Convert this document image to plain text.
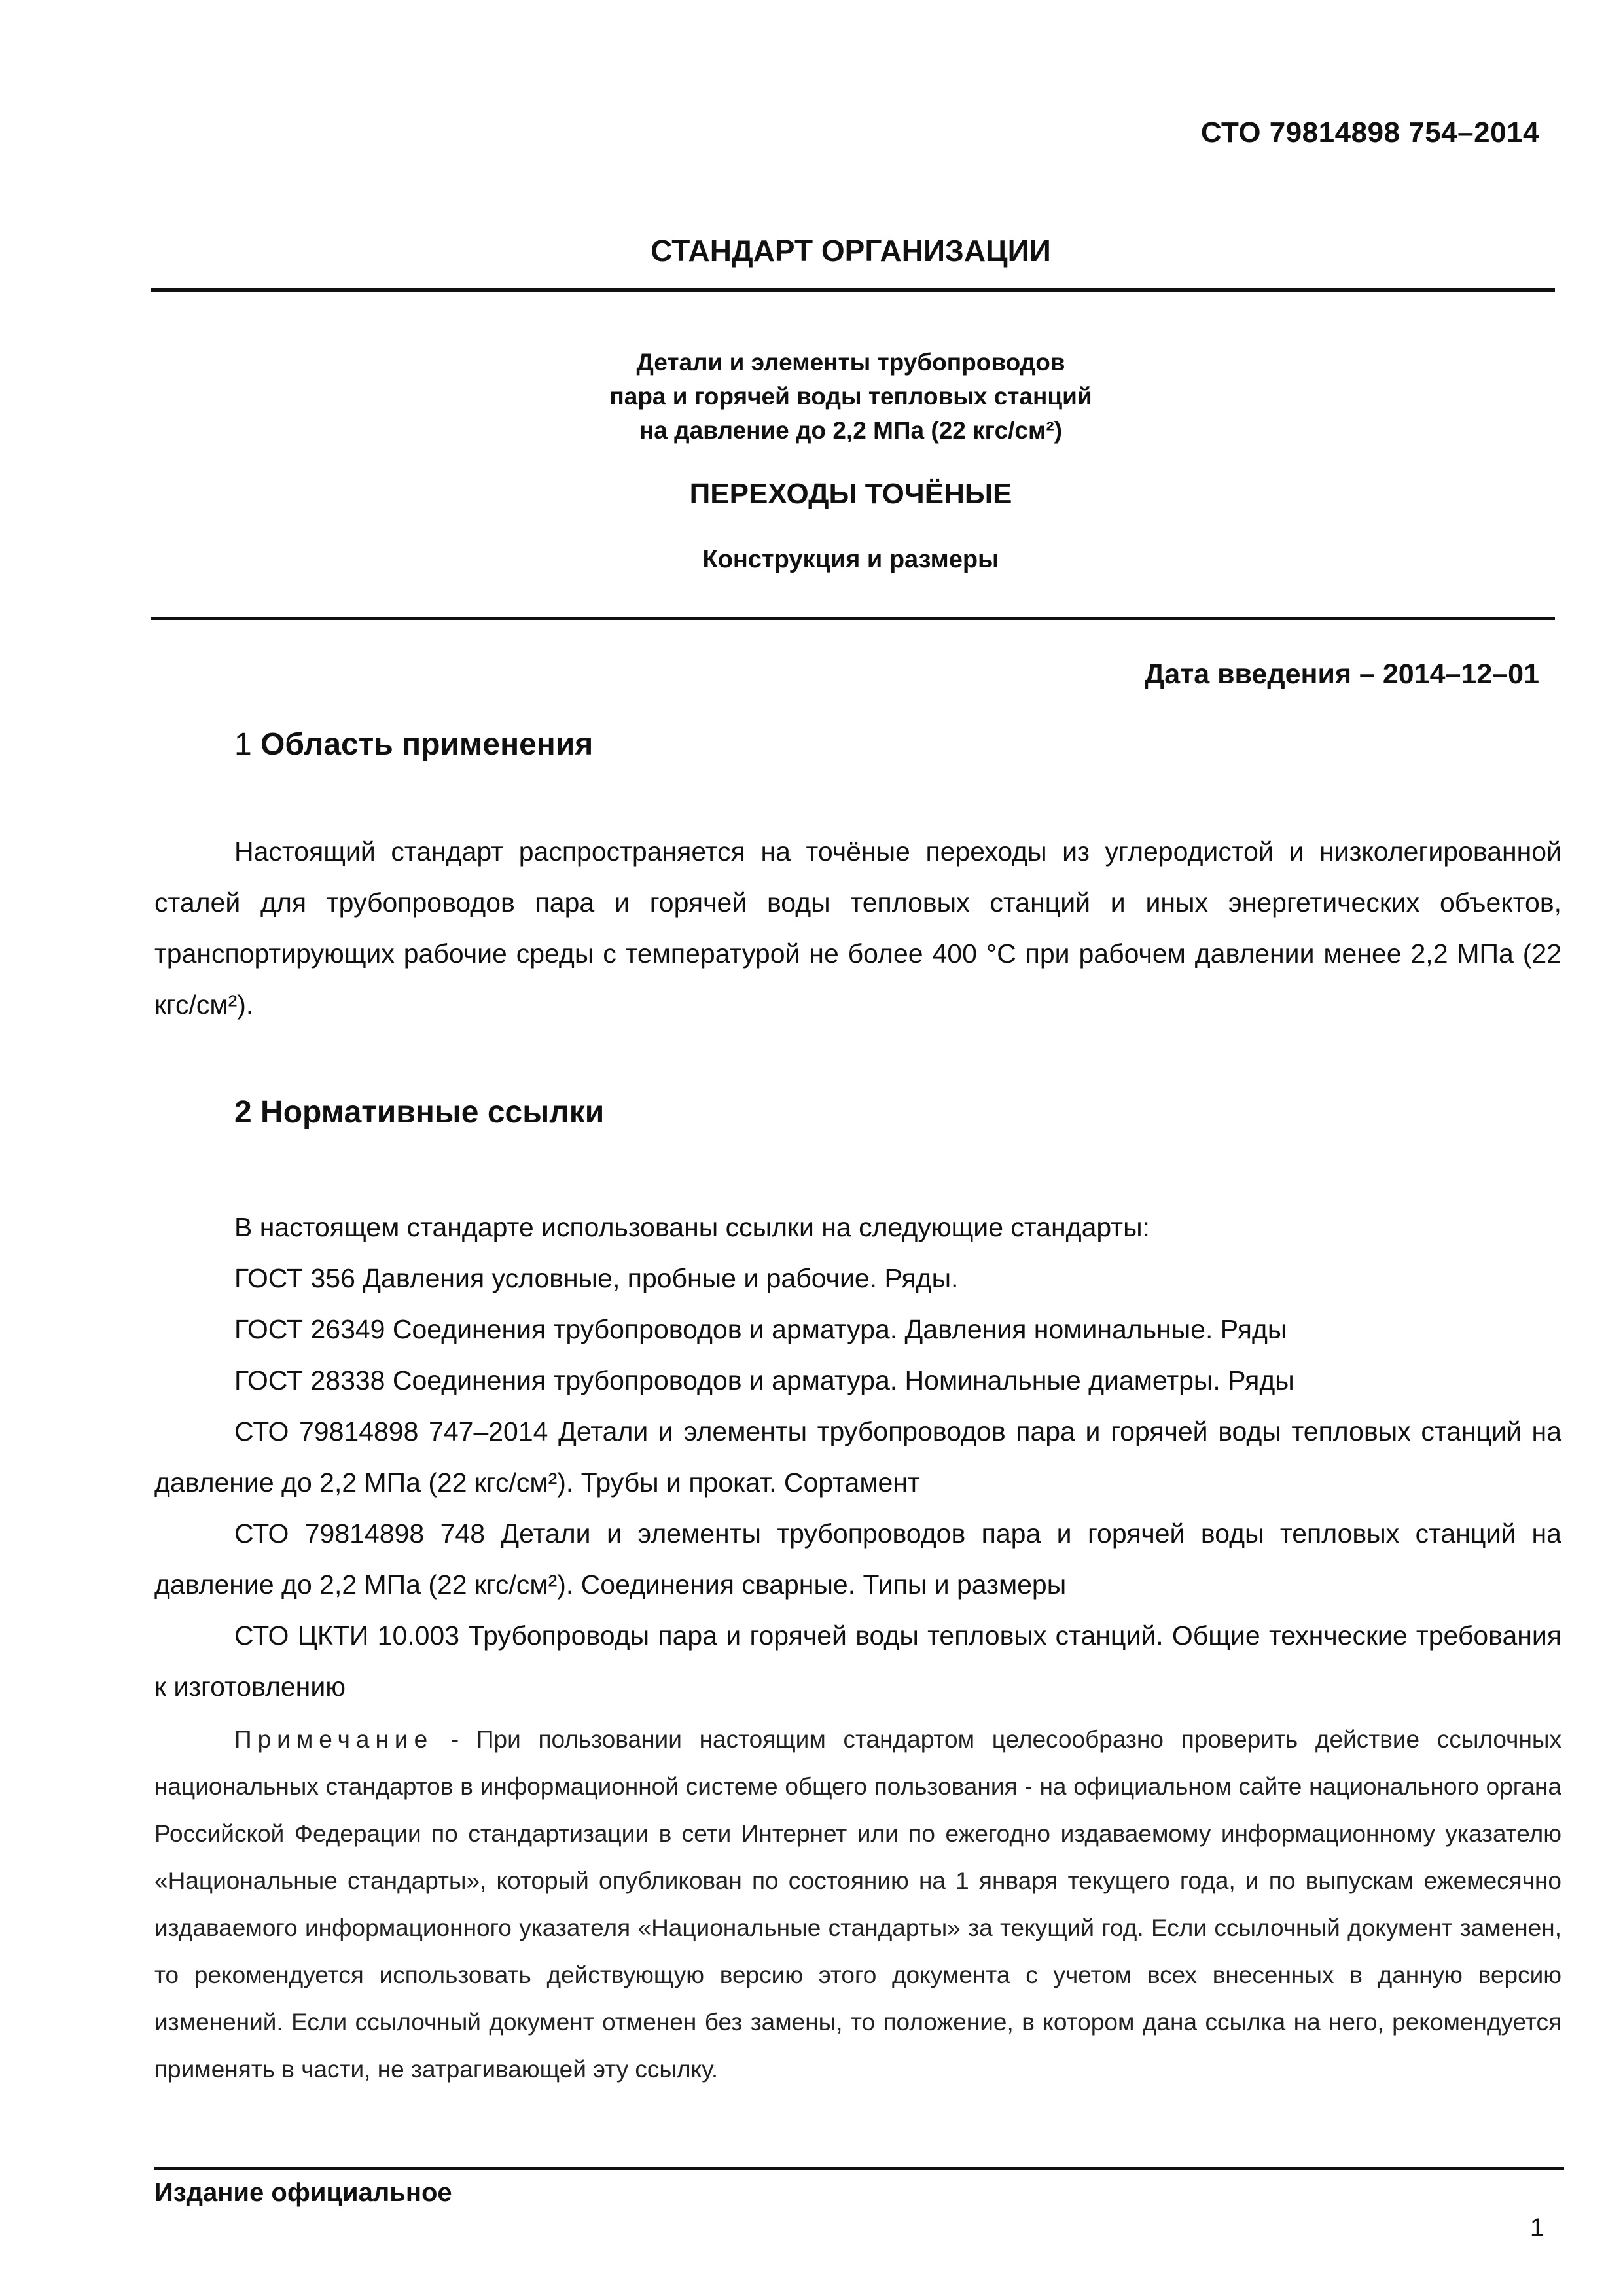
СТО 79814898 754–2014
СТАНДАРТ ОРГАНИЗАЦИИ
Детали и элементы трубопроводов
пара и горячей воды тепловых станций
на давление до 2,2 МПа (22 кгс/см²)
ПЕРЕХОДЫ ТОЧЁНЫЕ
Конструкция и размеры
Дата введения – 2014–12–01
1 Область применения
Настоящий стандарт распространяется на точёные переходы из углеродистой и низколегированной сталей для трубопроводов пара и горячей воды тепловых станций и иных энергетических объектов, транспортирующих рабочие среды с температурой не более 400 °С при рабочем давлении менее 2,2 МПа (22 кгс/см²).
2 Нормативные ссылки
В настоящем стандарте использованы ссылки на следующие стандарты:
ГОСТ 356 Давления условные, пробные и рабочие. Ряды.
ГОСТ 26349 Соединения трубопроводов и арматура. Давления номинальные. Ряды
ГОСТ 28338 Соединения трубопроводов и арматура. Номинальные диаметры. Ряды
СТО 79814898 747–2014 Детали и элементы трубопроводов пара и горячей воды тепловых станций на давление до 2,2 МПа (22 кгс/см²). Трубы и прокат. Сортамент
СТО 79814898 748 Детали и элементы трубопроводов пара и горячей воды тепловых станций на давление до 2,2 МПа (22 кгс/см²). Соединения сварные. Типы и размеры
СТО ЦКТИ 10.003 Трубопроводы пара и горячей воды тепловых станций. Общие технческие требования к изготовлению
Примечание - При пользовании настоящим стандартом целесообразно проверить действие ссылочных национальных стандартов в информационной системе общего пользования - на официальном сайте национального органа Российской Федерации по стандартизации в сети Интернет или по ежегодно издаваемому информационному указателю «Национальные стандарты», который опубликован по состоянию на 1 января текущего года, и по выпускам ежемесячно издаваемого информационного указателя «Национальные стандарты» за текущий год. Если ссылочный документ заменен, то рекомендуется использовать действующую версию этого документа с учетом всех внесенных в данную версию изменений. Если ссылочный документ отменен без замены, то положение, в котором дана ссылка на него, рекомендуется применять в части, не затрагивающей эту ссылку.
Издание официальное
1
